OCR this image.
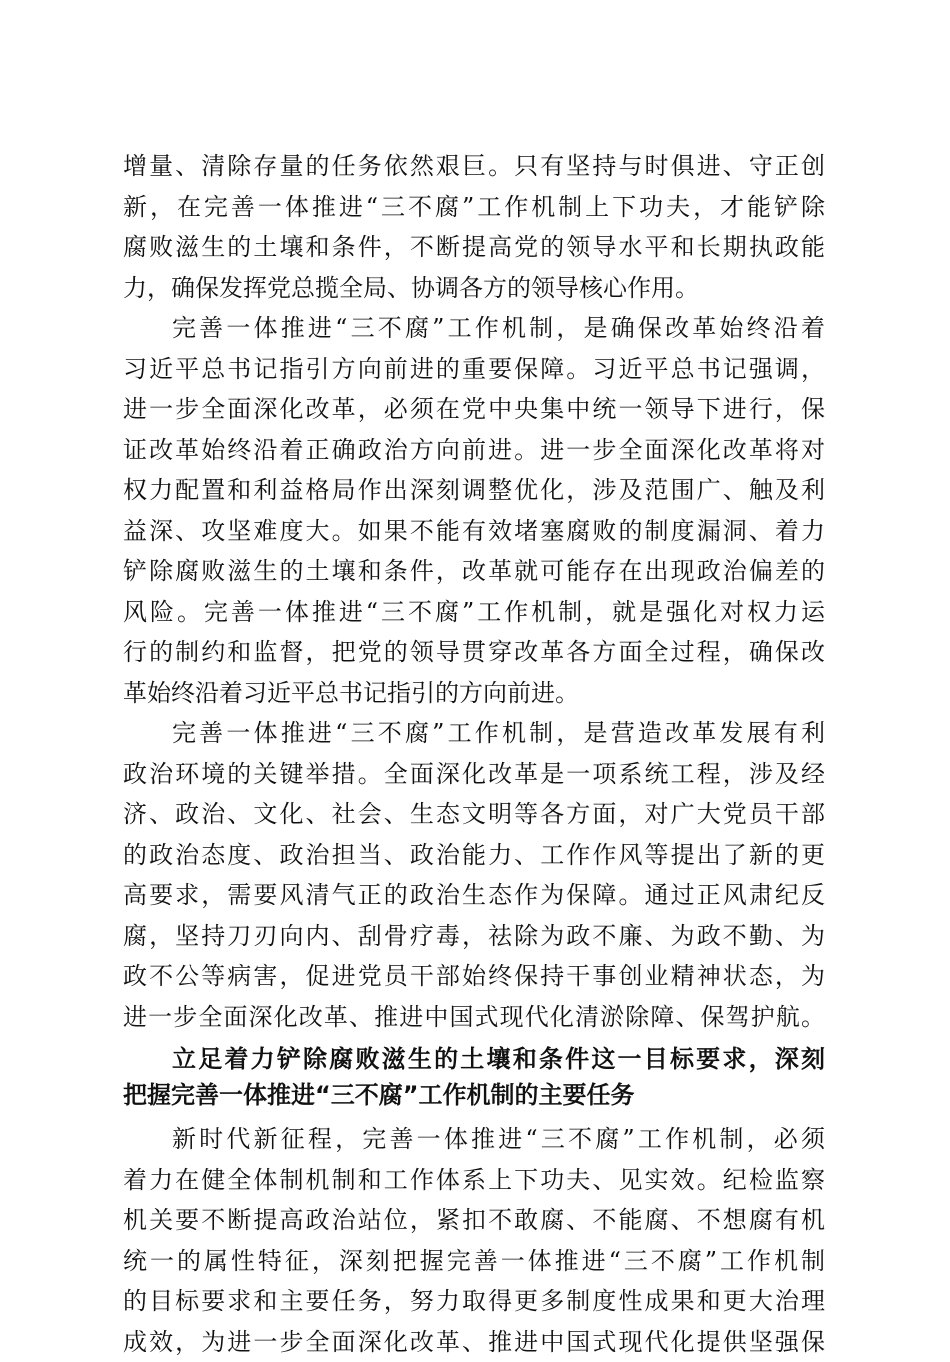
增量、清除存量的任务依然艰巨。只有坚持与时俱进、守正创
新，在完善一体推进“三不腐”工作机制上下功夫，才能铲除
腐败滋生的土壤和条件，不断提高党的领导水平和长期执政能
力，确保发挥党总揽全局、协调各方的领导核心作用。
完善一体推进“三不腐”工作机制，是确保改革始终沿着
习近平总书记指引方向前进的重要保障。习近平总书记强调，
进一步全面深化改革，必须在党中央集中统一领导下进行，保
证改革始终沿着正确政治方向前进。进一步全面深化改革将对
权力配置和利益格局作出深刻调整优化，涉及范围广、触及利
益深、攻坚难度大。如果不能有效堵塞腐败的制度漏洞、着力
铲除腐败滋生的土壤和条件，改革就可能存在出现政治偏差的
风险。完善一体推进“三不腐”工作机制，就是强化对权力运
行的制约和监督，把党的领导贯穿改革各方面全过程，确保改
革始终沿着习近平总书记指引的方向前进。
完善一体推进“三不腐”工作机制，是营造改革发展有利
政治环境的关键举措。全面深化改革是一项系统工程，涉及经
济、政治、文化、社会、生态文明等各方面，对广大党员干部
的政治态度、政治担当、政治能力、工作作风等提出了新的更
高要求，需要风清气正的政治生态作为保障。通过正风肃纪反
腐，坚持刀刃向内、刮骨疗毒，祛除为政不廉、为政不勤、为
政不公等病害，促进党员干部始终保持干事创业精神状态，为
进一步全面深化改革、推进中国式现代化清淤除障、保驾护航。
立足着力铲除腐败滋生的土壤和条件这一目标要求，深刻
把握完善一体推进“三不腐”工作机制的主要任务
新时代新征程，完善一体推进“三不腐”工作机制，必须
着力在健全体制机制和工作体系上下功夫、见实效。纪检监察
机关要不断提高政治站位，紧扣不敢腐、不能腐、不想腐有机
统一的属性特征，深刻把握完善一体推进“三不腐”工作机制
的目标要求和主要任务，努力取得更多制度性成果和更大治理
成效，为进一步全面深化改革、推进中国式现代化提供坚强保
